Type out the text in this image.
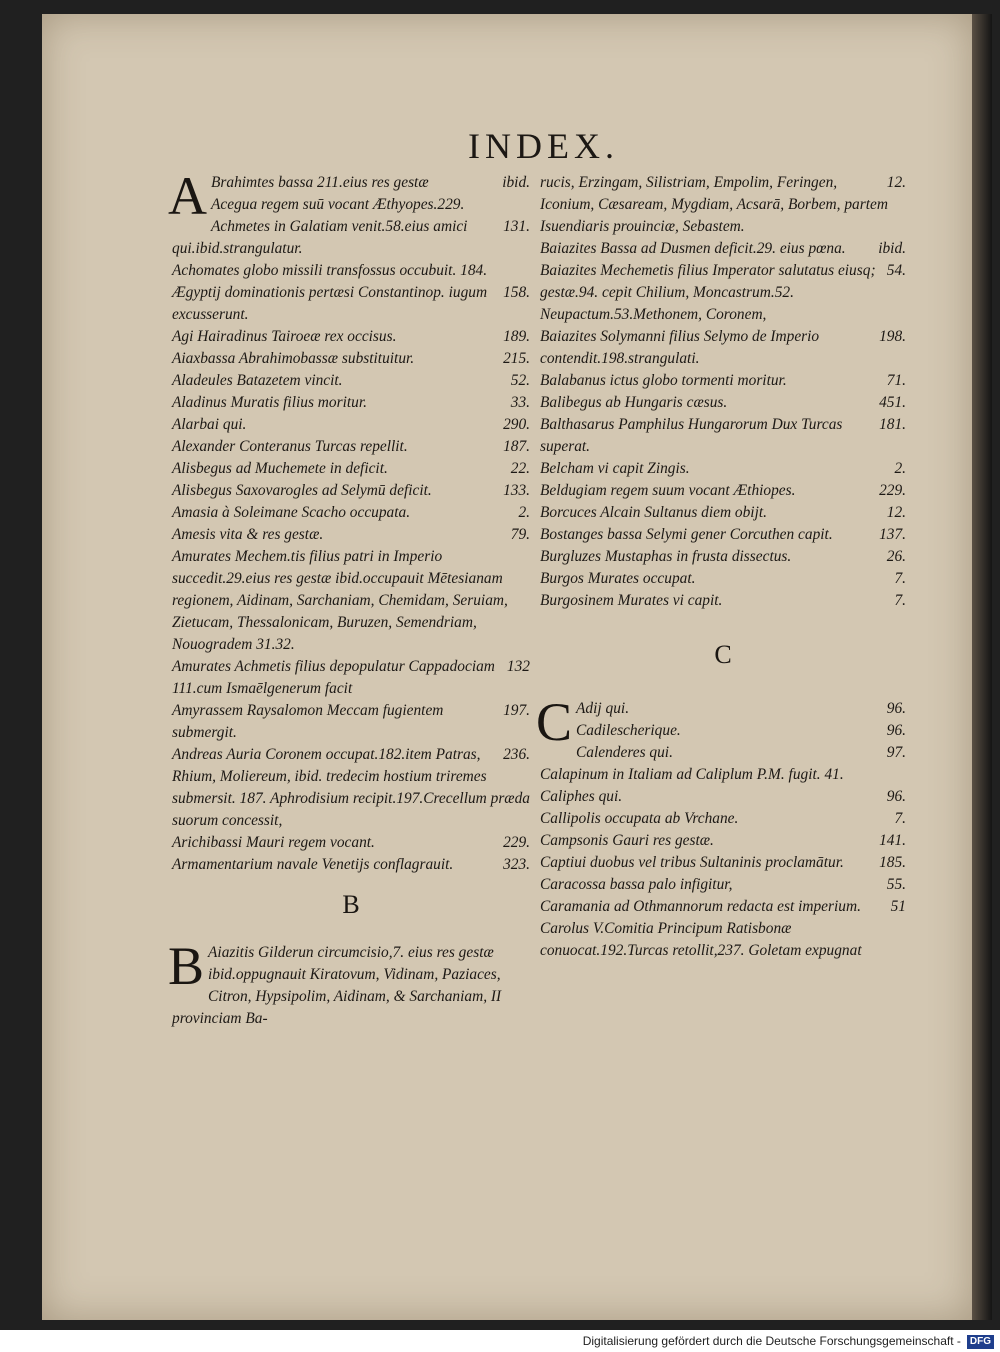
INDEX.

A	ibid.
Brahimtes bassa 211.eius res gestæ

Acegua regem suū vocant Æthyopes.229.

131.
Achmetes in Galatiam venit.58.eius amici qui.ibid.strangulatur.

Achomates globo missili transfossus occubuit. 184.

158.
Ægyptij dominationis pertæsi Constantinop. iugum excusserunt.

189.
Agi Hairadinus Tairoeæ rex occisus.

215.
Aiaxbassa Abrahimobassæ substituitur.

52.
Aladeules Batazetem vincit.

33.
Aladinus Muratis filius moritur.

290.
Alarbai qui.

187.
Alexander Conteranus Turcas repellit.

22.
Alisbegus ad Muchemete in deficit.

133.
Alisbegus Saxovarogles ad Selymū deficit.

2.
Amasia à Soleimane Scacho occupata.

79.
Amesis vita & res gestæ.

Amurates Mechem.tis filius patri in Imperio succedit.29.eius res gestæ ibid.occupauit Mētesianam regionem, Aidinam, Sarchaniam, Chemidam, Seruiam, Zietucam, Thessalonicam, Buruzen, Semendriam, Nouogradem 31.32.

132
Amurates Achmetis filius depopulatur Cappadociam 111.cum Ismaēlgenerum facit

197.
Amyrassem Raysalomon Meccam fugientem submergit.

236.
Andreas Auria Coronem occupat.182.item Patras, Rhium, Moliereum, ibid. tredecim hostium triremes submersit. 187. Aphrodisium recipit.197.Crecellum præda suorum concessit,

229.
Arichibassi Mauri regem vocant.

323.
Armamentarium navale Venetijs conflagrauit.

B

B Aiazitis Gilderun circumcisio,7. eius res gestæ ibid.oppugnauit Kiratovum, Vidinam, Paziaces, Citron, Hypsipolim, Aidinam, & Sarchaniam, II provinciam Ba-

12.
rucis, Erzingam, Silistriam, Empolim, Feringen, Iconium, Cæsaream, Mygdiam, Acsarā, Borbem, partem Isuendiaris prouinciæ, Sebastem.

ibid.
Baiazites Bassa ad Dusmen deficit.29. eius pœna.

54.
Baiazites Mechemetis filius Imperator salutatus eiusq; gestæ.94. cepit Chilium, Moncastrum.52. Neupactum.53.Methonem, Coronem,

198.
Baiazites Solymanni filius Selymo de Imperio contendit.198.strangulati.

71.
Balabanus ictus globo tormenti moritur.

451.
Balibegus ab Hungaris cæsus.

181.
Balthasarus Pamphilus Hungarorum Dux Turcas superat.

2.
Belcham vi capit Zingis.

229.
Beldugiam regem suum vocant Æthiopes.

12.
Borcuces Alcain Sultanus diem obijt.

137.
Bostanges bassa Selymi gener Corcuthen capit.

26.
Burgluzes Mustaphas in frusta dissectus.

7.
Burgos Murates occupat.

7.
Burgosinem Murates vi capit.

C

C	96.
Adij qui.

96.
Cadilescherique.

97.
Calenderes qui.

Calapinum in Italiam ad Caliplum P.M. fugit. 41.

96.
Caliphes qui.

7.
Callipolis occupata ab Vrchane.

141.
Campsonis Gauri res gestæ.

185.
Captiui duobus vel tribus Sultaninis proclamātur.

55.
Caracossa bassa palo infigitur,

51
Caramania ad Othmannorum redacta est imperium.

Carolus V.Comitia Principum Ratisbonæ conuocat.192.Turcas retollit,237. Goletam expugnat

Digitalisierung gefördert durch die Deutsche Forschungsgemeinschaft - DFG
